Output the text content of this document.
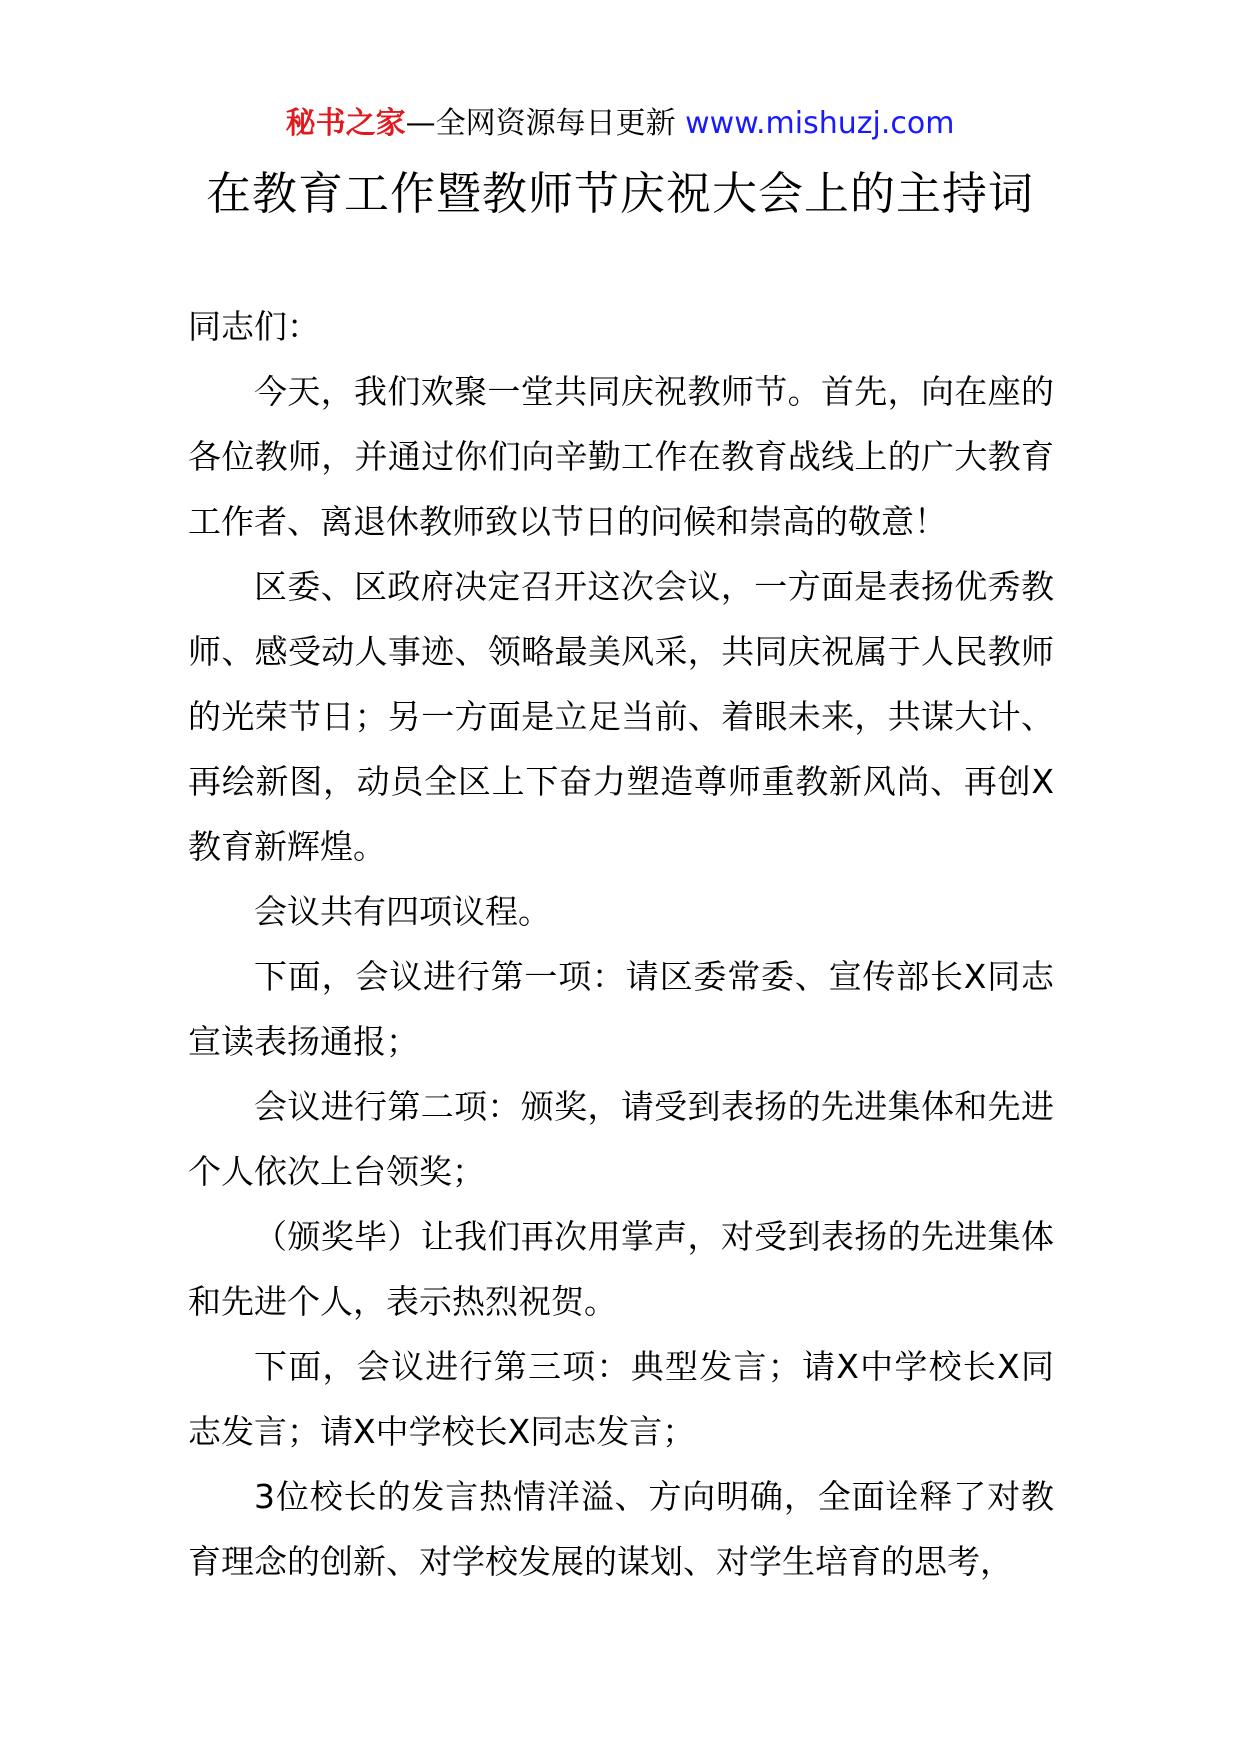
秘书之家—全网资源每日更新 www.mishuzj.com
在教育工作暨教师节庆祝大会上的主持词

同志们：

今天，我们欢聚一堂共同庆祝教师节。首先，向在座的各位教师，并通过你们向辛勤工作在教育战线上的广大教育工作者、离退休教师致以节日的问候和崇高的敬意！

区委、区政府决定召开这次会议，一方面是表扬优秀教师、感受动人事迹、领略最美风采，共同庆祝属于人民教师的光荣节日；另一方面是立足当前、着眼未来，共谋大计、再绘新图，动员全区上下奋力塑造尊师重教新风尚、再创X教育新辉煌。

会议共有四项议程。

下面，会议进行第一项：请区委常委、宣传部长X同志宣读表扬通报；

会议进行第二项：颁奖，请受到表扬的先进集体和先进个人依次上台领奖；

（颁奖毕）让我们再次用掌声，对受到表扬的先进集体和先进个人，表示热烈祝贺。

下面，会议进行第三项：典型发言；请X中学校长X同志发言；请X中学校长X同志发言；

3位校长的发言热情洋溢、方向明确，全面诠释了对教育理念的创新、对学校发展的谋划、对学生培育的思考，
